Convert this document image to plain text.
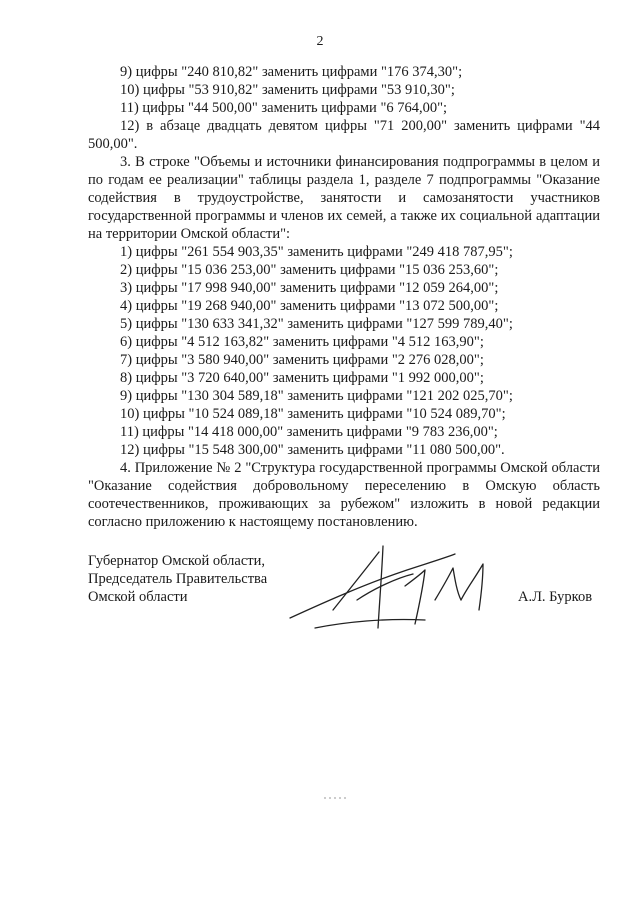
2
9) цифры "240 810,82" заменить цифрами "176 374,30";
10) цифры "53 910,82" заменить цифрами "53 910,30";
11) цифры "44 500,00" заменить цифрами "6 764,00";

12) в абзаце двадцать девятом цифры "71 200,00" заменить цифрами "44 500,00".

3. В строке "Объемы и источники финансирования подпрограммы в целом и по годам ее реализации" таблицы раздела 1, разделе 7 подпрограммы "Оказание содействия в трудоустройстве, занятости и самозанятости участников государственной программы и членов их семей, а также их социальной адаптации на территории Омской области":

1) цифры "261 554 903,35" заменить цифрами "249 418 787,95";
2) цифры "15 036 253,00" заменить цифрами "15 036 253,60";
3) цифры "17 998 940,00" заменить цифрами "12 059 264,00";
4) цифры "19 268 940,00" заменить цифрами "13 072 500,00";
5) цифры "130 633 341,32" заменить цифрами "127 599 789,40";
6) цифры "4 512 163,82" заменить цифрами "4 512 163,90";
7) цифры "3 580 940,00" заменить цифрами "2 276 028,00";
8) цифры "3 720 640,00" заменить цифрами "1 992 000,00";
9) цифры "130 304 589,18" заменить цифрами "121 202 025,70";
10) цифры "10 524 089,18" заменить цифрами "10 524 089,70";
11) цифры "14 418 000,00" заменить цифрами "9 783 236,00";
12) цифры "15 548 300,00" заменить цифрами "11 080 500,00".

4. Приложение № 2 "Структура государственной программы Омской области "Оказание содействия добровольному переселению в Омскую область соотечественников, проживающих за рубежом" изложить в новой редакции согласно приложению к настоящему постановлению.

Губернатор Омской области,
Председатель Правительства
Омской области	А.Л. Бурков
